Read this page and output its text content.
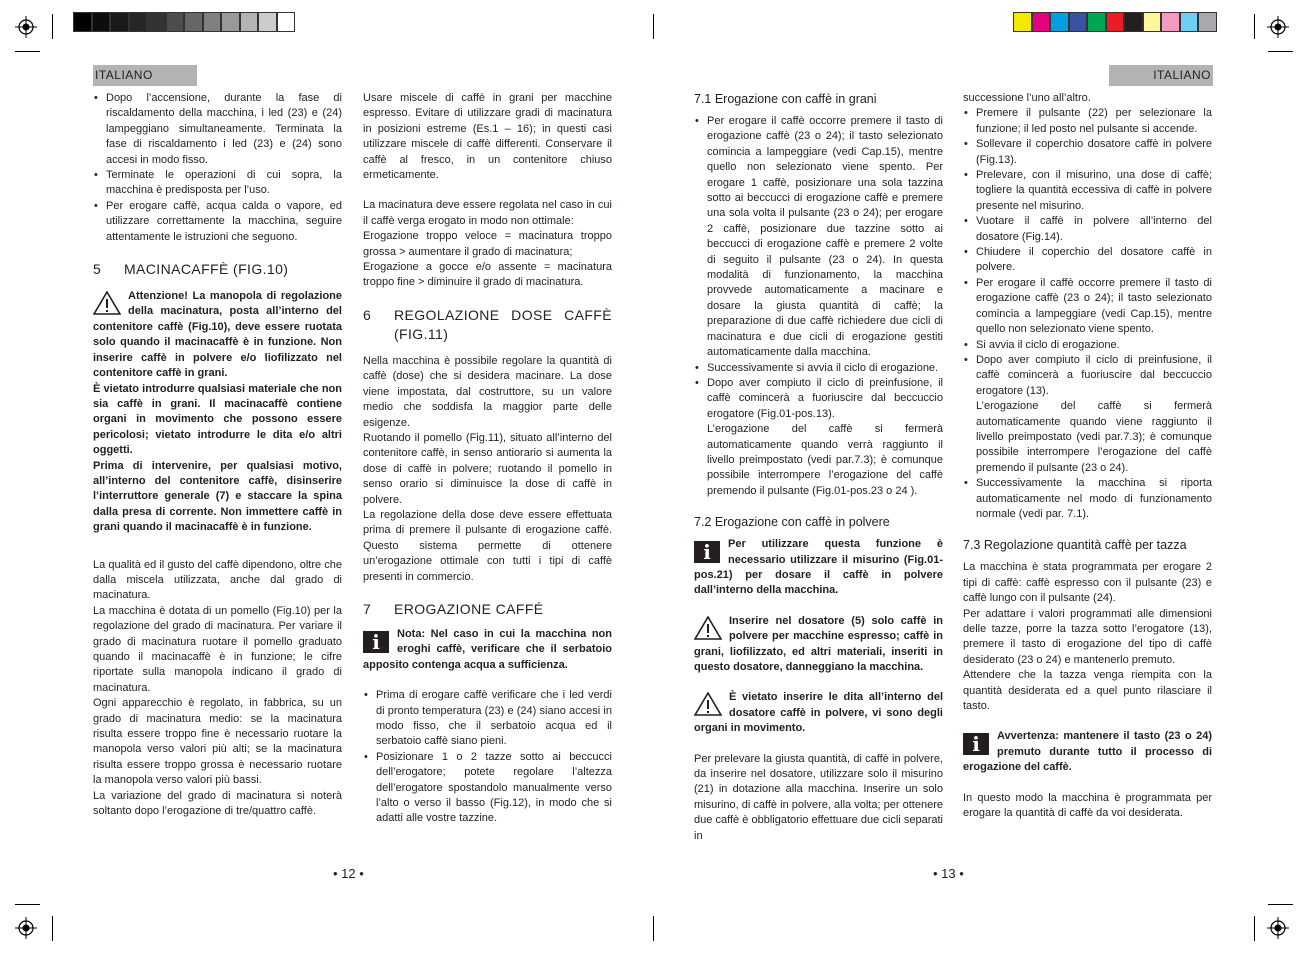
ITALIANO	ITALIANO
• Dopo l’accensione, durante la fase di riscaldamento della macchina, i led (23) e (24) lampeggiano simultaneamente. Terminata la fase di riscaldamento i led (23) e (24) sono accesi in modo fisso.
• Terminate le operazioni di cui sopra, la macchina è predisposta per l’uso.
• Per erogare caffè, acqua calda o vapore, ed utilizzare correttamente la macchina, seguire attentamente le istruzioni che seguono.
5	MACINACAFFÈ (FIG.10)

Attenzione! La manopola di regolazione della macinatura, posta all’interno del contenitore caffè (Fig.10), deve essere ruotata solo quando il macinacaffè è in funzione. Non inserire caffè in polvere e/o liofilizzato nel contenitore caffè in grani.

È vietato introdurre qualsiasi materiale che non sia caffè in grani. Il macinacaffè contiene organi in movimento che possono essere pericolosi; vietato introdurre le dita e/o altri oggetti.

Prima di intervenire, per qualsiasi motivo, all’interno del contenitore caffè, disinserire l’interruttore generale (7) e staccare la spina dalla presa di corrente. Non immettere caffè in grani quando il macinacaffè è in funzione.

La qualità ed il gusto del caffè dipendono, oltre che dalla miscela utilizzata, anche dal grado di macinatura.

La macchina è dotata di un pomello (Fig.10) per la regolazione del grado di macinatura. Per variare il grado di macinatura ruotare il pomello graduato quando il macinacaffè è in funzione; le cifre riportate sulla manopola indicano il grado di macinatura.

Ogni apparecchio è regolato, in fabbrica, su un grado di macinatura medio: se la macinatura risulta essere troppo fine è necessario ruotare la manopola verso valori più alti; se la macinatura risulta essere troppo grossa è necessario ruotare la manopola verso valori più bassi.

La variazione del grado di macinatura si noterà soltanto dopo l’erogazione di tre/quattro caffè.

Usare miscele di caffè in grani per macchine espresso. Evitare di utilizzare gradi di macinatura in posizioni estreme (Es.1 – 16); in questi casi utilizzare miscele di caffè differenti. Conservare il caffè al fresco, in un contenitore chiuso ermeticamente.

La macinatura deve essere regolata nel caso in cui il caffè verga erogato in modo non ottimale:

Erogazione troppo veloce = macinatura troppo grossa > aumentare il grado di macinatura;

Erogazione a gocce e/o assente = macinatura troppo fine > diminuire il grado di macinatura.

6	REGOLAZIONE DOSE CAFFÈ (FIG.11)

Nella macchina è possibile regolare la quantità di caffè (dose) che si desidera macinare. La dose viene impostata, dal costruttore, su un valore medio che soddisfa la maggior parte delle esigenze.

Ruotando il pomello (Fig.11), situato all’interno del contenitore caffè, in senso antiorario si aumenta la dose di caffè in polvere; ruotando il pomello in senso orario si diminuisce la dose di caffè in polvere.

La regolazione della dose deve essere effettuata prima di premere il pulsante di erogazione caffè. Questo sistema permette di ottenere un’erogazione ottimale con tutti i tipi di caffè presenti in commercio.

7	EROGAZIONE CAFFÉ
i	Nota: Nel caso in cui la macchina non eroghi caffè, verificare che il serbatoio apposito contenga acqua a sufficienza.

• Prima di erogare caffè verificare che i led verdi di pronto temperatura (23) e (24) siano accesi in modo fisso, che il serbatoio acqua ed il serbatoio caffè siano pieni.
• Posizionare 1 o 2 tazze sotto ai beccucci dell’erogatore; potete regolare l’altezza dell’erogatore spostandolo manualmente verso l’alto o verso il basso (Fig.12), in modo che si adatti alle vostre tazzine.
7.1 Erogazione con caffè in grani
• Per erogare il caffè occorre premere il tasto di erogazione caffè (23 o 24); il tasto selezionato comincia a lampeggiare (vedi Cap.15), mentre quello non selezionato viene spento. Per erogare 1 caffè, posizionare una sola tazzina sotto ai beccucci di erogazione caffè e premere una sola volta il pulsante (23 o 24); per erogare 2 caffè, posizionare due tazzine sotto ai beccucci di erogazione caffè e premere 2 volte di seguito il pulsante (23 o 24). In questa modalità di funzionamento, la macchina provvede automaticamente a macinare e dosare la giusta quantità di caffè; la preparazione di due caffè richiedere due cicli di macinatura e due cicli di erogazione gestiti automaticamente dalla macchina.
• Successivamente si avvia il ciclo di erogazione.
• Dopo aver compiuto il ciclo di preinfusione, il caffè comincerà a fuoriuscire dal beccuccio erogatore (Fig.01-pos.13).
L’erogazione del caffè si fermerà automaticamente quando verrà raggiunto il livello preimpostato (vedi par.7.3); è comunque possibile interrompere l’erogazione del caffè premendo il pulsante (Fig.01-pos.23 o 24 ).
7.2 Erogazione con caffè in polvere
i	Per utilizzare questa funzione è necessario utilizzare il misurino (Fig.01-pos.21) per dosare il caffè in polvere dall’interno della macchina.

Inserire nel dosatore (5) solo caffè in polvere per macchine espresso; caffè in grani, liofilizzato, ed altri materiali, inseriti in questo dosatore, danneggiano la macchina.

È vietato inserire le dita all’interno del dosatore caffè in polvere, vi sono degli organi in movimento.

Per prelevare la giusta quantità, di caffè in polvere, da inserire nel dosatore, utilizzare solo il misurino (21) in dotazione alla macchina. Inserire un solo misurino, di caffè in polvere, alla volta; per ottenere due caffè è obbligatorio effettuare due cicli separati in

successione l’uno all’altro.

• Premere il pulsante (22) per selezionare la funzione; il led posto nel pulsante si accende.
• Sollevare il coperchio dosatore caffè in polvere (Fig.13).
• Prelevare, con il misurino, una dose di caffè; togliere la quantità eccessiva di caffè in polvere presente nel misurino.
• Vuotare il caffè in polvere all’interno del dosatore (Fig.14).
• Chiudere il coperchio del dosatore caffè in polvere.
• Per erogare il caffè occorre premere il tasto di erogazione caffè (23 o 24); il tasto selezionato comincia a lampeggiare (vedi Cap.15), mentre quello non selezionato viene spento.
• Si avvia il ciclo di erogazione.
• Dopo aver compiuto il ciclo di preinfusione, il caffè comincerà a fuoriuscire dal beccuccio erogatore (13).
L’erogazione del caffè si fermerà automaticamente quando viene raggiunto il livello preimpostato (vedi par.7.3); è comunque possibile interrompere l’erogazione del caffè premendo il pulsante (23 o 24).
• Successivamente la macchina si riporta automaticamente nel modo di funzionamento normale (vedi par. 7.1).
7.3 Regolazione quantità caffè per tazza

La macchina è stata programmata per erogare 2 tipi di caffè: caffè espresso con il pulsante (23) e caffè lungo con il pulsante (24).

Per adattare i valori programmati alle dimensioni delle tazze, porre la tazza sotto l’erogatore (13), premere il tasto di erogazione del tipo di caffè desiderato (23 o 24) e mantenerlo premuto.

Attendere che la tazza venga riempita con la quantità desiderata ed a quel punto rilasciare il tasto.

i	Avvertenza: mantenere il tasto (23 o 24) premuto durante tutto il processo di erogazione del caffè.

In questo modo la macchina è programmata per erogare la quantità di caffè da voi desiderata.

• 12 •	• 13 •
